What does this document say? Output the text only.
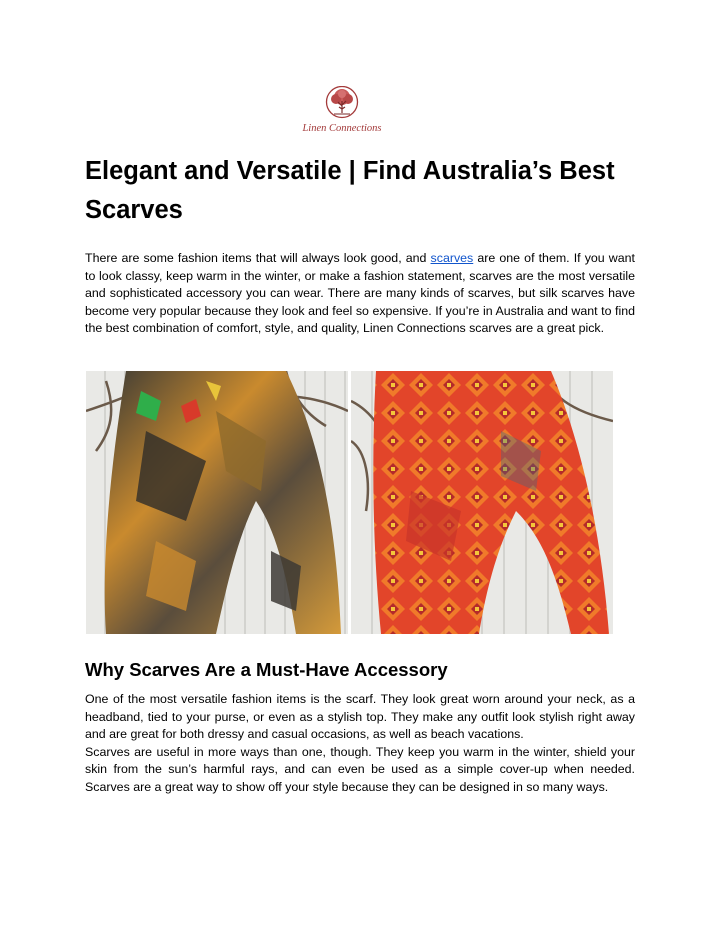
Linen Connections
Elegant and Versatile | Find Australia’s Best Scarves

There are some fashion items that will always look good, and scarves are one of them. If you want to look classy, keep warm in the winter, or make a fashion statement, scarves are the most versatile and sophisticated accessory you can wear. There are many kinds of scarves, but silk scarves have become very popular because they look and feel so expensive. If you’re in Australia and want to find the best combination of comfort, style, and quality, Linen Connections scarves are a great pick.

Why Scarves Are a Must-Have Accessory

One of the most versatile fashion items is the scarf. They look great worn around your neck, as a headband, tied to your purse, or even as a stylish top. They make any outfit look stylish right away and are great for both dressy and casual occasions, as well as beach vacations.

Scarves are useful in more ways than one, though. They keep you warm in the winter, shield your skin from the sun’s harmful rays, and can even be used as a simple cover-up when needed. Scarves are a great way to show off your style because they can be designed in so many ways.
